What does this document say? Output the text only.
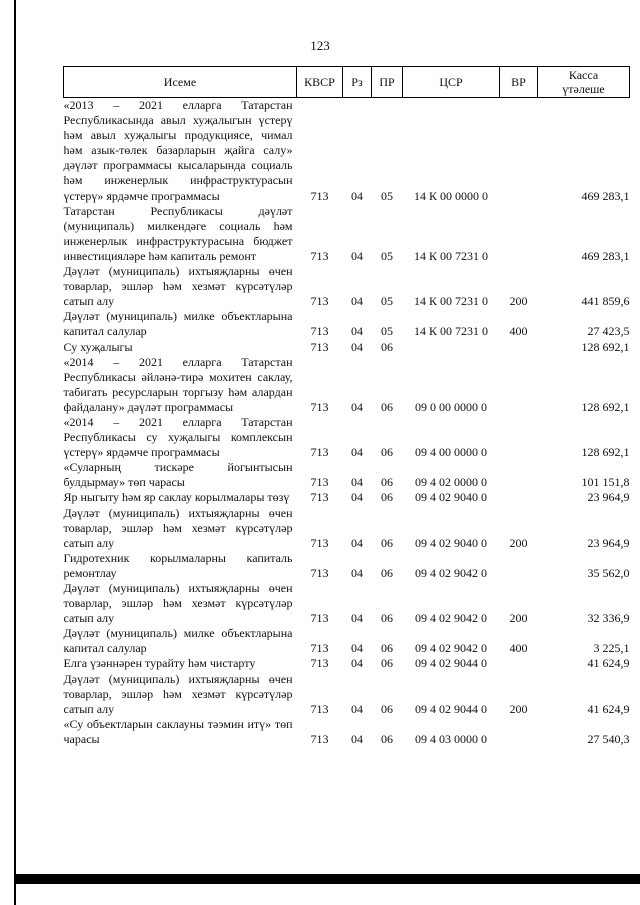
123
Исеме	КВСР	Рз	ПР	ЦСР	ВР	Касса
үтәлеше

«2013 – 2021 елларга Татарстан Республикасында авыл хуҗалыгын үстерү һәм авыл хуҗалыгы продукциясе, чимал һәм азык-төлек базарларын җайга салу» дәүләт программасы кысаларында социаль һәм инженерлык инфраструктурасын үстерү» ярдәмче программасы	713	04	05	14 К 00 0000 0		469 283,1
Татарстан Республикасы дәүләт (муниципаль) милкендәге социаль һәм инженерлык инфраструктурасына бюджет инвестицияләре һәм капиталь ремонт	713	04	05	14 К 00 7231 0		469 283,1
Дәүләт (муниципаль) ихтыяҗларны өчен товарлар, эшләр һәм хезмәт күрсәтүләр сатып алу	713	04	05	14 К 00 7231 0	200	441 859,6
Дәүләт (муниципаль) милке объектларына капитал салулар	713	04	05	14 К 00 7231 0	400	27 423,5
Су хуҗалыгы	713	04	06			128 692,1
«2014 – 2021 елларга Татарстан Республикасы әйләнә-тирә мохитен саклау, табигать ресурсларын торгызу һәм алардан файдалану» дәүләт программасы	713	04	06	09 0 00 0000 0		128 692,1
«2014 – 2021 елларга Татарстан Республикасы су хуҗалыгы комплексын үстерү» ярдәмче программасы	713	04	06	09 4 00 0000 0		128 692,1
«Суларның тискәре йогынтысын булдырмау» төп чарасы	713	04	06	09 4 02 0000 0		101 151,8
Яр ныгыту һәм яр саклау корылмалары төзү	713	04	06	09 4 02 9040 0		23 964,9
Дәүләт (муниципаль) ихтыяҗларны өчен товарлар, эшләр һәм хезмәт күрсәтүләр сатып алу	713	04	06	09 4 02 9040 0	200	23 964,9
Гидротехник корылмаларны капиталь ремонтлау	713	04	06	09 4 02 9042 0		35 562,0
Дәүләт (муниципаль) ихтыяҗларны өчен товарлар, эшләр һәм хезмәт күрсәтүләр сатып алу	713	04	06	09 4 02 9042 0	200	32 336,9
Дәүләт (муниципаль) милке объектларына капитал салулар	713	04	06	09 4 02 9042 0	400	3 225,1
Елга үзәннәрен турайту һәм чистарту	713	04	06	09 4 02 9044 0		41 624,9
Дәүләт (муниципаль) ихтыяҗларны өчен товарлар, эшләр һәм хезмәт күрсәтүләр сатып алу	713	04	06	09 4 02 9044 0	200	41 624,9
«Су объектларын саклауны тәэмин итү» төп чарасы	713	04	06	09 4 03 0000 0		27 540,3
